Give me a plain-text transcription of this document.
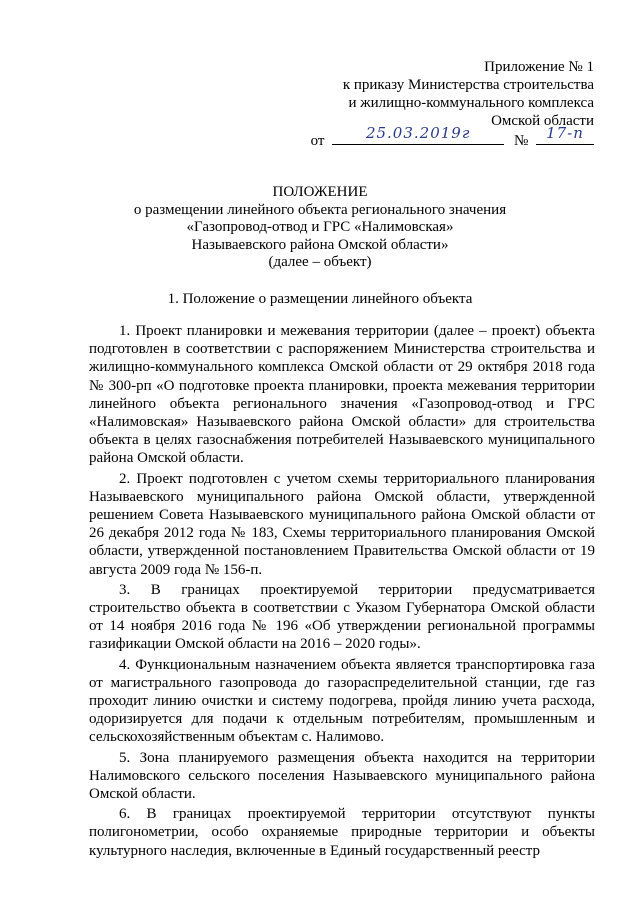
Приложение № 1
к приказу Министерства строительства
и жилищно-коммунального комплекса
Омской области
от	25.03.2019г	№	17-п
ПОЛОЖЕНИЕ
о размещении линейного объекта регионального значения
«Газопровод-отвод и ГРС «Налимовская»
Называевского района Омской области»
(далее – объект)
1. Положение о размещении линейного объекта

1. Проект планировки и межевания территории (далее – проект) объекта подготовлен в соответствии с распоряжением Министерства строительства и жилищно-коммунального комплекса Омской области от 29 октября 2018 года № 300-рп «О подготовке проекта планировки, проекта межевания территории линейного объекта регионального значения «Газопровод-отвод и ГРС «Налимовская» Называевского района Омской области» для строительства объекта в целях газоснабжения потребителей Называевского муниципального района Омской области.

2. Проект подготовлен с учетом схемы территориального планирования Называевского муниципального района Омской области, утвержденной решением Совета Называевского муниципального района Омской области от 26 декабря 2012 года № 183, Схемы территориального планирования Омской области, утвержденной постановлением Правительства Омской области от 19 августа 2009 года № 156-п.

3. В границах проектируемой территории предусматривается строительство объекта в соответствии с Указом Губернатора Омской области от 14 ноября 2016 года № 196 «Об утверждении региональной программы газификации Омской области на 2016 – 2020 годы».

4. Функциональным назначением объекта является транспортировка газа от магистрального газопровода до газораспределительной станции, где газ проходит линию очистки и систему подогрева, пройдя линию учета расхода, одоризируется для подачи к отдельным потребителям, промышленным и сельскохозяйственным объектам с. Налимово.

5. Зона планируемого размещения объекта находится на территории Налимовского сельского поселения Называевского муниципального района Омской области.

6. В границах проектируемой территории отсутствуют пункты полигонометрии, особо охраняемые природные территории и объекты культурного наследия, включенные в Единый государственный реестр
